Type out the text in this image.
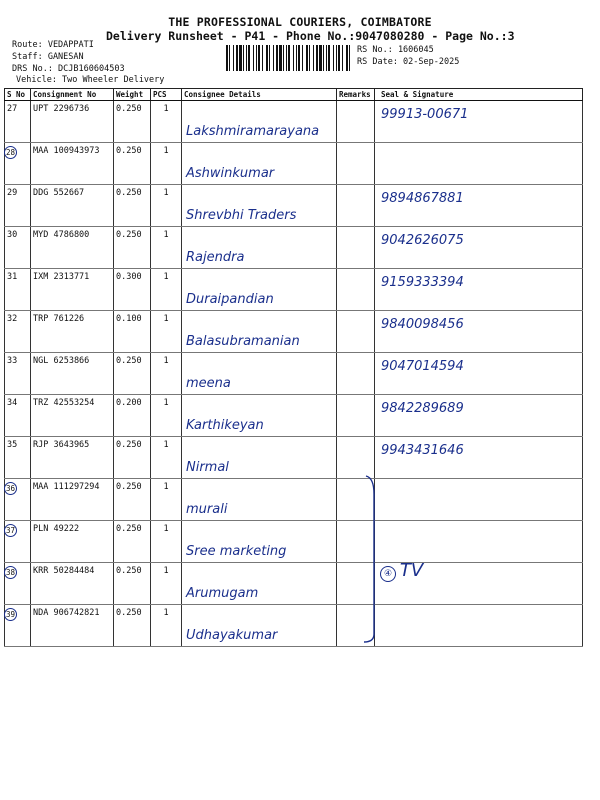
THE PROFESSIONAL COURIERS, COIMBATORE
Delivery Runsheet - P41 - Phone No.:9047080280 - Page No.:3
Route: VEDAPPATI
Staff: GANESAN
DRS No.: DCJB160604503
Vehicle: Two Wheeler Delivery
RS No.: 1606045
RS Date: 02-Sep-2025
S No	Consignment No	Weight	PCS	Consignee Details	Remarks	Seal & Signature
27	UPT 2296736	0.250	1	Lakshmiramarayana		99913-00671

28	MAA 100943973	0.250	1	Ashwinkumar		

29	DDG 552667	0.250	1	Shrevbhi Traders		9894867881

30	MYD 4786800	0.250	1	Rajendra		9042626075

31	IXM 2313771	0.300	1	Duraipandian		9159333394

32	TRP 761226	0.100	1	Balasubramanian		9840098456

33	NGL 6253866	0.250	1	meena		9047014594

34	TRZ 42553254	0.200	1	Karthikeyan		9842289689

35	RJP 3643965	0.250	1	Nirmal		9943431646

36	MAA 111297294	0.250	1	murali		

37	PLN 49222	0.250	1	Sree marketing		

38	KRR 50284484	0.250	1	Arumugam		

39	NDA 906742821	0.250	1	Udhayakumar		

④ TV
